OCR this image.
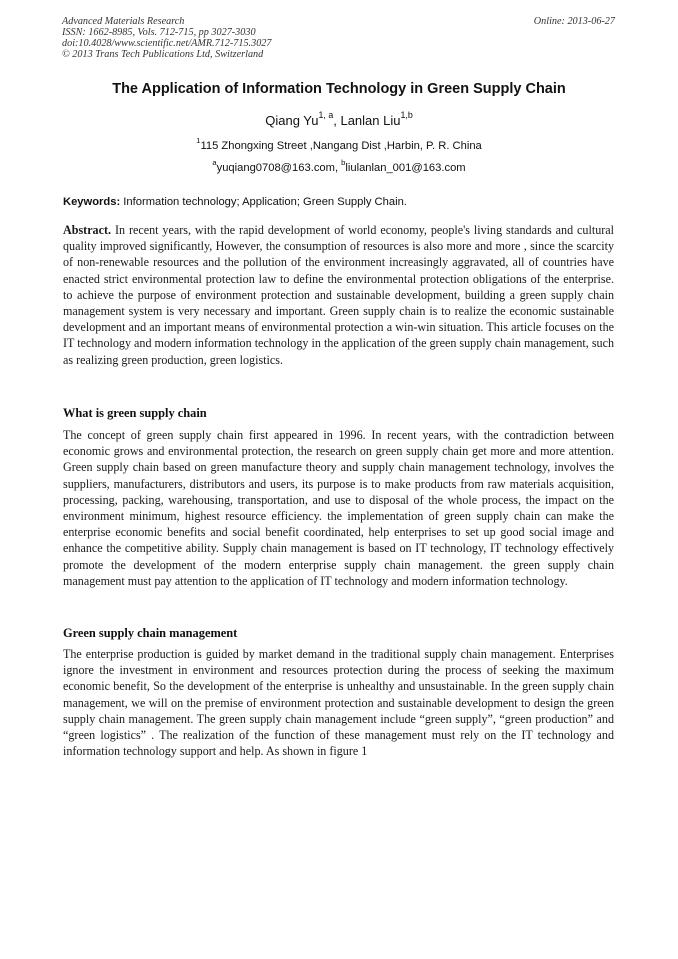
Advanced Materials Research
ISSN: 1662-8985, Vols. 712-715, pp 3027-3030
doi:10.4028/www.scientific.net/AMR.712-715.3027
© 2013 Trans Tech Publications Ltd, Switzerland
Online: 2013-06-27
The Application of Information Technology in Green Supply Chain
Qiang Yu$^{1, a}$, Lanlan Liu$^{1,b}$
$^1$115 Zhongxing Street ,Nangang Dist ,Harbin, P. R. China
$^a$yuqiang0708@163.com, $^b$liulanlan_001@163.com
Keywords: Information technology; Application; Green Supply Chain.
Abstract. In recent years, with the rapid development of world economy, people's living standards and cultural quality improved significantly, However, the consumption of resources is also more and more , since the scarcity of non-renewable resources and the pollution of the environment increasingly aggravated, all of countries have enacted strict environmental protection law to define the environmental protection obligations of the enterprise. to achieve the purpose of environment protection and sustainable development, building a green supply chain management system is very necessary and important. Green supply chain is to realize the economic sustainable development and an important means of environmental protection a win-win situation. This article focuses on the IT technology and modern information technology in the application of the green supply chain management, such as realizing green production, green logistics.
What is green supply chain
The concept of green supply chain first appeared in 1996. In recent years, with the contradiction between economic grows and environmental protection, the research on green supply chain get more and more attention. Green supply chain based on green manufacture theory and supply chain management technology, involves the suppliers, manufacturers, distributors and users, its purpose is to make products from raw materials acquisition, processing, packing, warehousing, transportation, and use to disposal of the whole process, the impact on the environment minimum, highest resource efficiency. the implementation of green supply chain can make the enterprise economic benefits and social benefit coordinated, help enterprises to set up good social image and enhance the competitive ability. Supply chain management is based on IT technology, IT technology effectively promote the development of the modern enterprise supply chain management. the green supply chain management must pay attention to the application of IT technology and modern information technology.
Green supply chain management
The enterprise production is guided by market demand in the traditional supply chain management. Enterprises ignore the investment in environment and resources protection during the process of seeking the maximum economic benefit, So the development of the enterprise is unhealthy and unsustainable. In the green supply chain management, we will on the premise of environment protection and sustainable development to design the green supply chain management. The green supply chain management include “green supply”, “green production” and “green logistics” . The realization of the function of these management must rely on the IT technology and information technology support and help. As shown in figure 1
